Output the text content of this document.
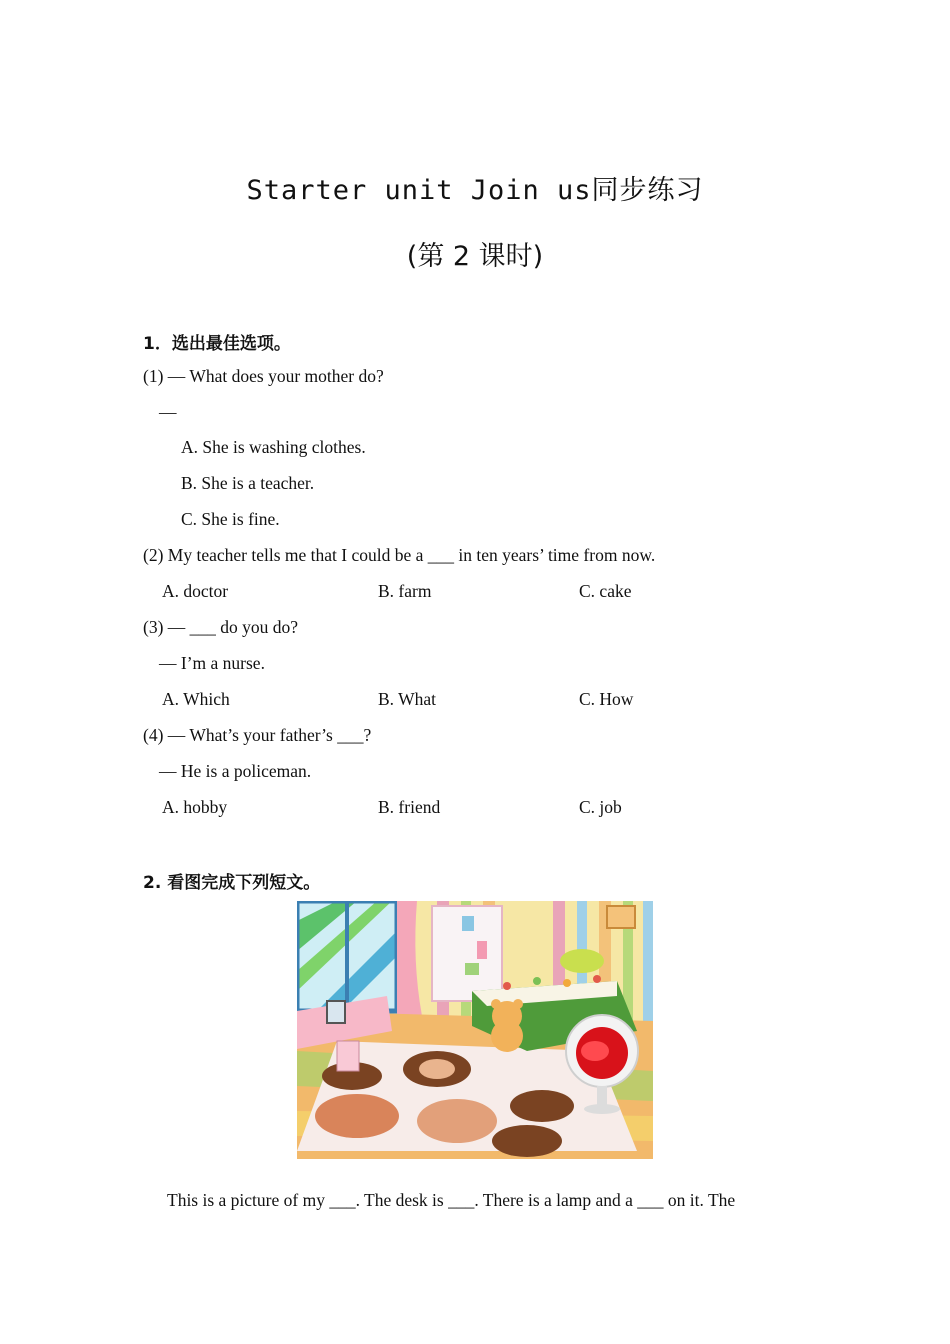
Starter unit Join us同步练习
(第 2 课时)
1．选出最佳选项。
(1) — What does your mother do?
—
A. She is washing clothes.
B. She is a teacher.
C. She is fine.
(2) My teacher tells me that I could be a ___ in ten years’ time from now.
A. doctor	B. farm	C. cake
(3) — ___ do you do?
— I’m a nurse.
A. Which	B. What	C. How
(4) — What’s your father’s ___?
— He is a policeman.
A. hobby	B. friend	C. job
2. 看图完成下列短文。
This is a picture of my ___. The desk is ___. There is a lamp and a ___ on it. The
